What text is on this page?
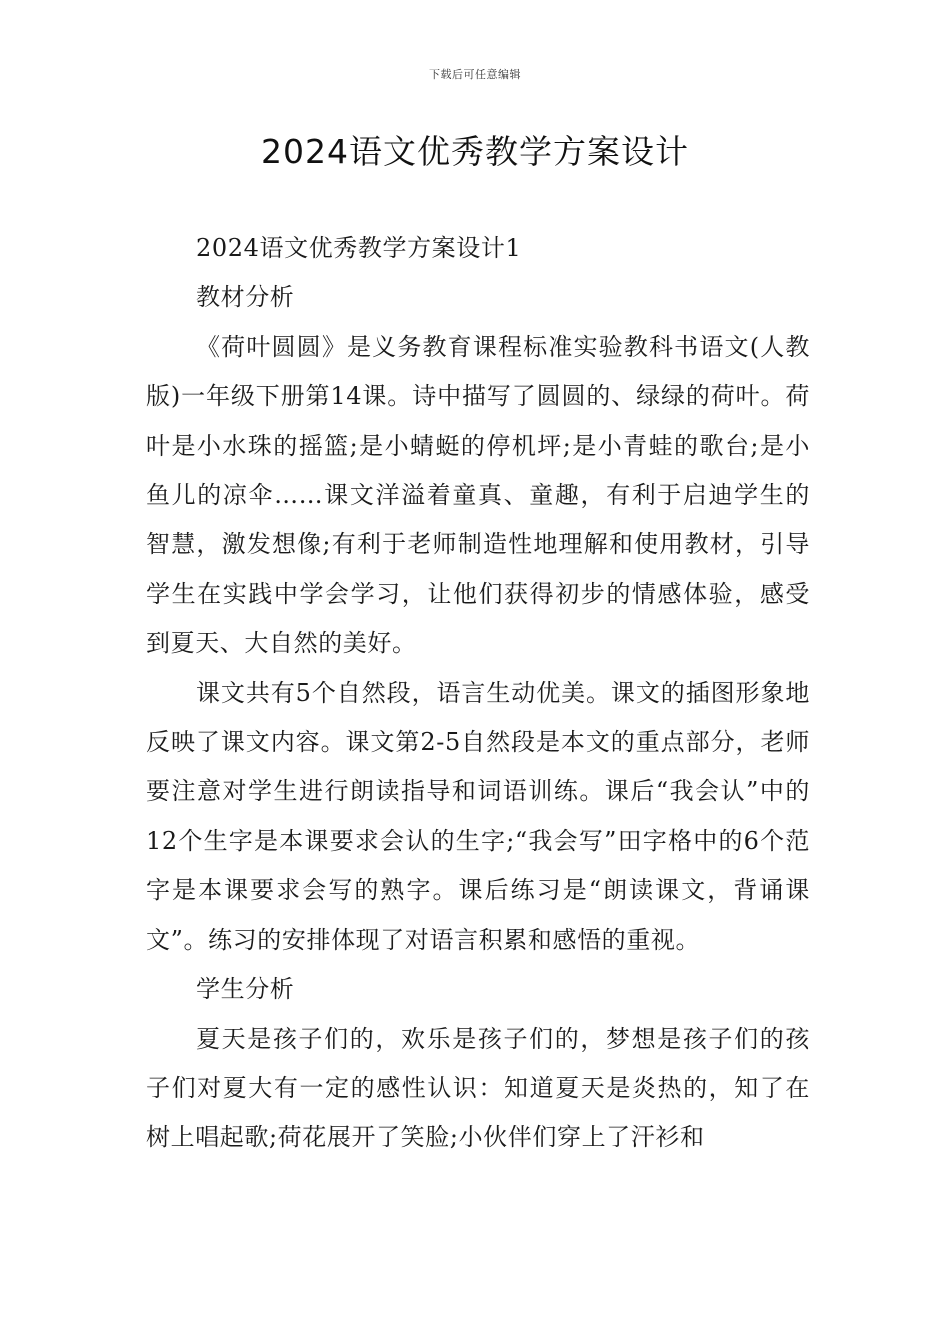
下载后可任意编辑
2024语文优秀教学方案设计

2024语文优秀教学方案设计1

教材分析

《荷叶圆圆》是义务教育课程标准实验教科书语文(人教版)一年级下册第14课。诗中描写了圆圆的、绿绿的荷叶。荷叶是小水珠的摇篮;是小蜻蜓的停机坪;是小青蛙的歌台;是小鱼儿的凉伞……课文洋溢着童真、童趣，有利于启迪学生的智慧，激发想像;有利于老师制造性地理解和使用教材，引导学生在实践中学会学习，让他们获得初步的情感体验，感受到夏天、大自然的美好。

课文共有5个自然段，语言生动优美。课文的插图形象地反映了课文内容。课文第2-5自然段是本文的重点部分，老师要注意对学生进行朗读指导和词语训练。课后“我会认”中的12个生字是本课要求会认的生字;“我会写”田字格中的6个范字是本课要求会写的熟字。课后练习是“朗读课文，背诵课文”。练习的安排体现了对语言积累和感悟的重视。

学生分析

夏天是孩子们的，欢乐是孩子们的，梦想是孩子们的孩子们对夏大有一定的感性认识：知道夏天是炎热的，知了在树上唱起歌;荷花展开了笑脸;小伙伴们穿上了汗衫和
